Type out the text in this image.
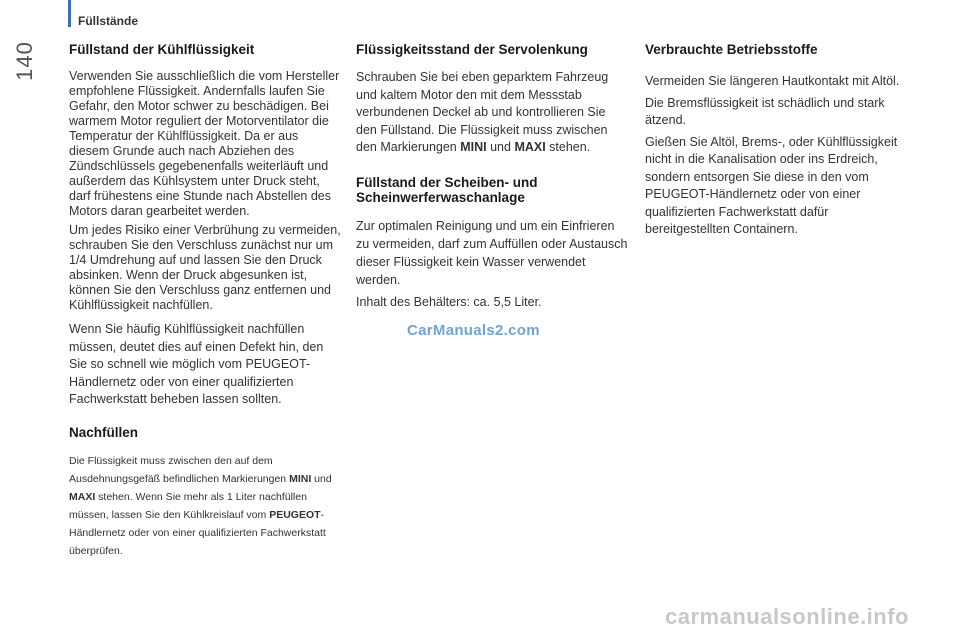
Füllstände
140 Füllstand der Kühlflüssigkeit

Verwenden Sie ausschließlich die vom Hersteller empfohlene Flüssigkeit. Andernfalls laufen Sie Gefahr, den Motor schwer zu beschädigen. Bei warmem Motor reguliert der Motorventilator die Temperatur der Kühlflüssigkeit. Da er aus diesem Grunde auch nach Abziehen des Zündschlüssels gegebenenfalls weiterläuft und außerdem das Kühlsystem unter Druck steht, darf frühestens eine Stunde nach Abstellen des Motors daran gearbeitet werden.

Um jedes Risiko einer Verbrühung zu vermeiden, schrauben Sie den Verschluss zunächst nur um 1/4 Umdrehung auf und lassen Sie den Druck absinken. Wenn der Druck abgesunken ist, können Sie den Verschluss ganz entfernen und Kühlflüssigkeit nachfüllen.

Wenn Sie häufig Kühlflüssigkeit nachfüllen müssen, deutet dies auf einen Defekt hin, den Sie so schnell wie möglich vom PEUGEOT-Händlernetz oder von einer qualifizierten Fachwerkstatt beheben lassen sollten.

Nachfüllen

Die Flüssigkeit muss zwischen den auf dem Ausdehnungsgefäß befindlichen Markierungen MINI und MAXI stehen. Wenn Sie mehr als 1 Liter nachfüllen müssen, lassen Sie den Kühlkreislauf vom PEUGEOT-Händlernetz oder von einer qualifizierten Fachwerkstatt überprüfen.

Flüssigkeitsstand der Servolenkung

Schrauben Sie bei eben geparktem Fahrzeug und kaltem Motor den mit dem Messstab verbundenen Deckel ab und kontrollieren Sie den Füllstand. Die Flüssigkeit muss zwischen den Markierungen MINI und MAXI stehen.

Füllstand der Scheiben- und Scheinwerferwaschanlage

Zur optimalen Reinigung und um ein Einfrieren zu vermeiden, darf zum Auffüllen oder Austausch dieser Flüssigkeit kein Wasser verwendet werden.

Inhalt des Behälters: ca. 5,5 Liter.

Verbrauchte Betriebsstoffe

Vermeiden Sie längeren Hautkontakt mit Altöl.

Die Bremsflüssigkeit ist schädlich und stark ätzend.

Gießen Sie Altöl, Brems-, oder Kühlflüssigkeit nicht in die Kanalisation oder ins Erdreich, sondern entsorgen Sie diese in den vom PEUGEOT-Händlernetz oder von einer qualifizierten Fachwerkstatt dafür bereitgestellten Containern.

CarManuals2.com
carmanualsonline.info
